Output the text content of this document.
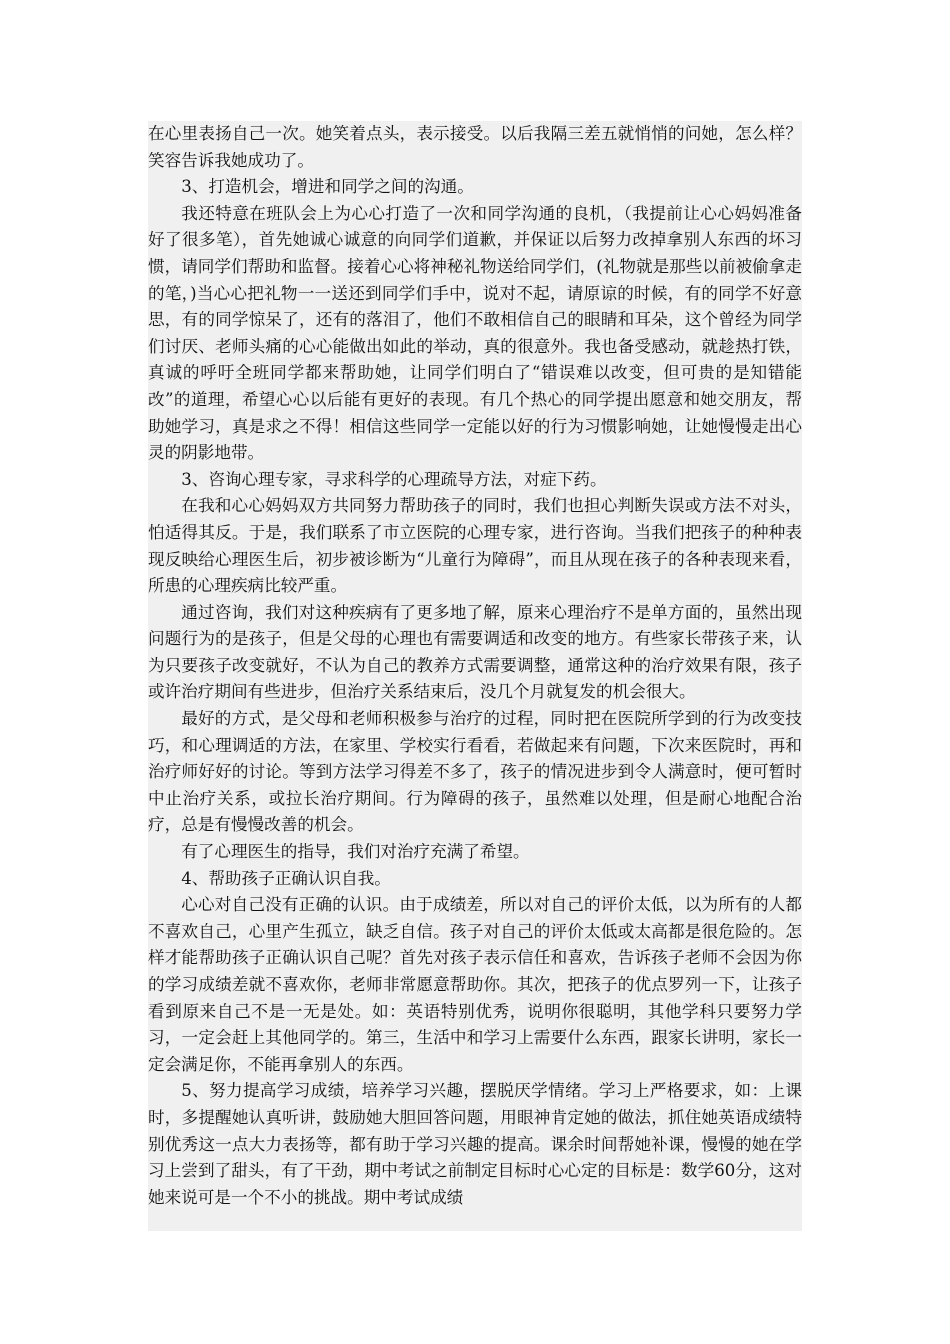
在心里表扬自己一次。她笑着点头，表示接受。以后我隔三差五就悄悄的问她，怎么样？笑容告诉我她成功了。

3、打造机会，增进和同学之间的沟通。

我还特意在班队会上为心心打造了一次和同学沟通的良机，（我提前让心心妈妈准备好了很多笔），首先她诚心诚意的向同学们道歉，并保证以后努力改掉拿别人东西的坏习惯，请同学们帮助和监督。接着心心将神秘礼物送给同学们，(礼物就是那些以前被偷拿走的笔，)当心心把礼物一一送还到同学们手中，说对不起，请原谅的时候，有的同学不好意思，有的同学惊呆了，还有的落泪了，他们不敢相信自己的眼睛和耳朵，这个曾经为同学们讨厌、老师头痛的心心能做出如此的举动，真的很意外。我也备受感动，就趁热打铁，真诚的呼吁全班同学都来帮助她，让同学们明白了“错误难以改变，但可贵的是知错能改”的道理，希望心心以后能有更好的表现。有几个热心的同学提出愿意和她交朋友，帮助她学习，真是求之不得！相信这些同学一定能以好的行为习惯影响她，让她慢慢走出心灵的阴影地带。

3、咨询心理专家，寻求科学的心理疏导方法，对症下药。

在我和心心妈妈双方共同努力帮助孩子的同时，我们也担心判断失误或方法不对头，怕适得其反。于是，我们联系了市立医院的心理专家，进行咨询。当我们把孩子的种种表现反映给心理医生后，初步被诊断为“儿童行为障碍”，而且从现在孩子的各种表现来看，所患的心理疾病比较严重。

通过咨询，我们对这种疾病有了更多地了解，原来心理治疗不是单方面的，虽然出现问题行为的是孩子，但是父母的心理也有需要调适和改变的地方。有些家长带孩子来，认为只要孩子改变就好，不认为自己的教养方式需要调整，通常这种的治疗效果有限，孩子或许治疗期间有些进步，但治疗关系结束后，没几个月就复发的机会很大。

最好的方式，是父母和老师积极参与治疗的过程，同时把在医院所学到的行为改变技巧，和心理调适的方法，在家里、学校实行看看，若做起来有问题，下次来医院时，再和治疗师好好的讨论。等到方法学习得差不多了，孩子的情况进步到令人满意时，便可暂时中止治疗关系，或拉长治疗期间。行为障碍的孩子，虽然难以处理，但是耐心地配合治疗，总是有慢慢改善的机会。

有了心理医生的指导，我们对治疗充满了希望。

4、帮助孩子正确认识自我。

心心对自己没有正确的认识。由于成绩差，所以对自己的评价太低，以为所有的人都不喜欢自己，心里产生孤立，缺乏自信。孩子对自己的评价太低或太高都是很危险的。怎样才能帮助孩子正确认识自己呢？首先对孩子表示信任和喜欢，告诉孩子老师不会因为你的学习成绩差就不喜欢你，老师非常愿意帮助你。其次，把孩子的优点罗列一下，让孩子看到原来自己不是一无是处。如：英语特别优秀，说明你很聪明，其他学科只要努力学习，一定会赶上其他同学的。第三，生活中和学习上需要什么东西，跟家长讲明，家长一定会满足你，不能再拿别人的东西。

5、努力提高学习成绩，培养学习兴趣，摆脱厌学情绪。学习上严格要求，如：上课时，多提醒她认真听讲，鼓励她大胆回答问题，用眼神肯定她的做法，抓住她英语成绩特别优秀这一点大力表扬等，都有助于学习兴趣的提高。课余时间帮她补课，慢慢的她在学习上尝到了甜头，有了干劲，期中考试之前制定目标时心心定的目标是：数学60分，这对她来说可是一个不小的挑战。期中考试成绩
